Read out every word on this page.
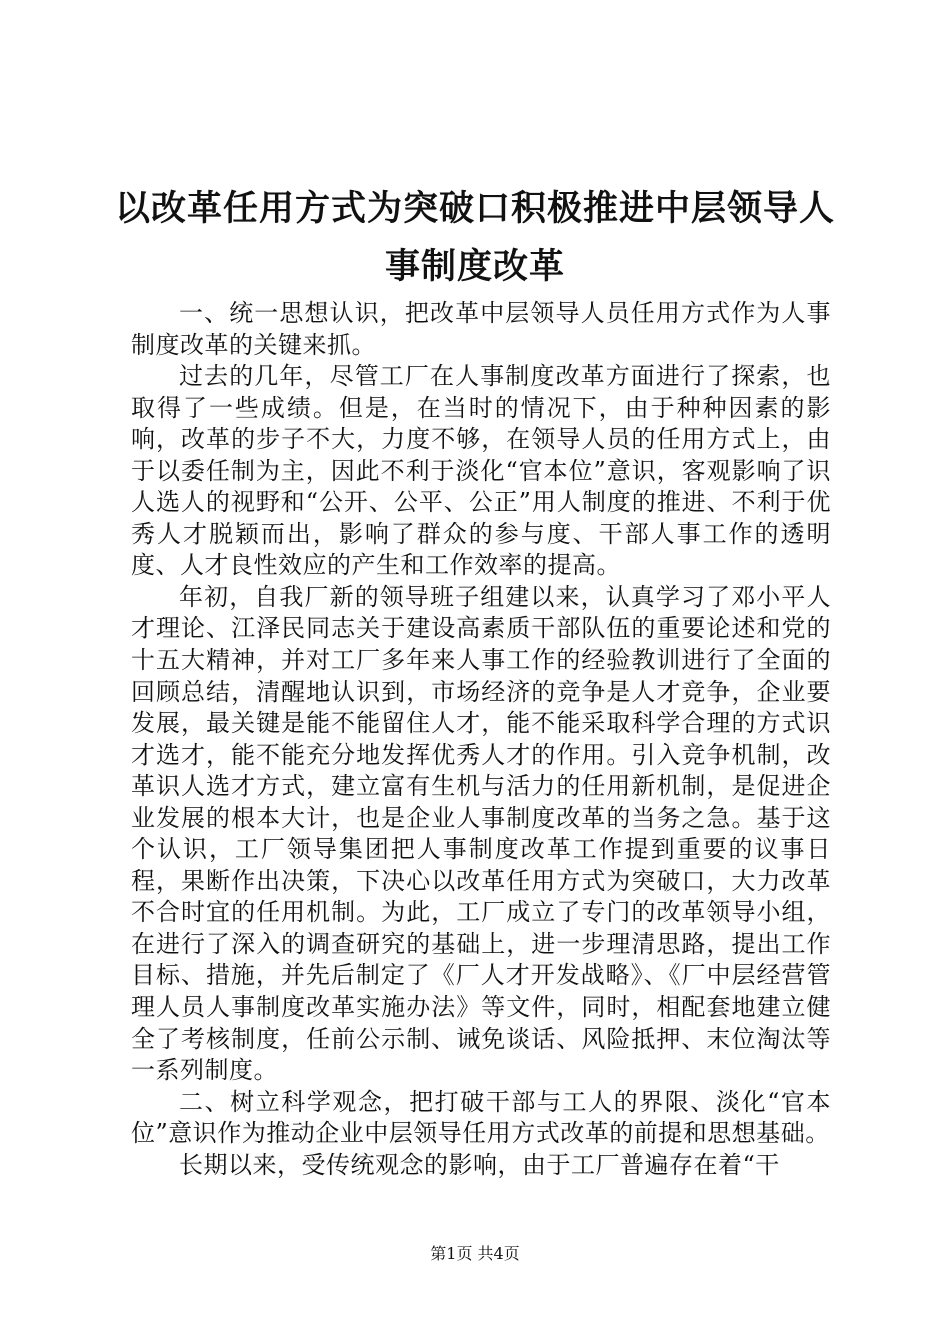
以改革任用方式为突破口积极推进中层领导人
事制度改革

一、统一思想认识，把改革中层领导人员任用方式作为人事制度改革的关键来抓。

过去的几年，尽管工厂在人事制度改革方面进行了探索，也取得了一些成绩。但是，在当时的情况下，由于种种因素的影响，改革的步子不大，力度不够，在领导人员的任用方式上，由于以委任制为主，因此不利于淡化“官本位”意识，客观影响了识人选人的视野和“公开、公平、公正”用人制度的推进、不利于优秀人才脱颖而出，影响了群众的参与度、干部人事工作的透明度、人才良性效应的产生和工作效率的提高。

年初，自我厂新的领导班子组建以来，认真学习了邓小平人才理论、江泽民同志关于建设高素质干部队伍的重要论述和党的十五大精神，并对工厂多年来人事工作的经验教训进行了全面的回顾总结，清醒地认识到，市场经济的竞争是人才竞争，企业要发展，最关键是能不能留住人才，能不能采取科学合理的方式识才选才，能不能充分地发挥优秀人才的作用。引入竞争机制，改革识人选才方式，建立富有生机与活力的任用新机制，是促进企业发展的根本大计，也是企业人事制度改革的当务之急。基于这个认识，工厂领导集团把人事制度改革工作提到重要的议事日程，果断作出决策，下决心以改革任用方式为突破口，大力改革不合时宜的任用机制。为此，工厂成立了专门的改革领导小组，在进行了深入的调查研究的基础上，进一步理清思路，提出工作目标、措施，并先后制定了《厂人才开发战略》、《厂中层经营管理人员人事制度改革实施办法》等文件，同时，相配套地建立健全了考核制度，任前公示制、诫免谈话、风险抵押、末位淘汰等一系列制度。

二、树立科学观念，把打破干部与工人的界限、淡化“官本位”意识作为推动企业中层领导任用方式改革的前提和思想基础。

长期以来，受传统观念的影响，由于工厂普遍存在着“干

第1页 共4页
